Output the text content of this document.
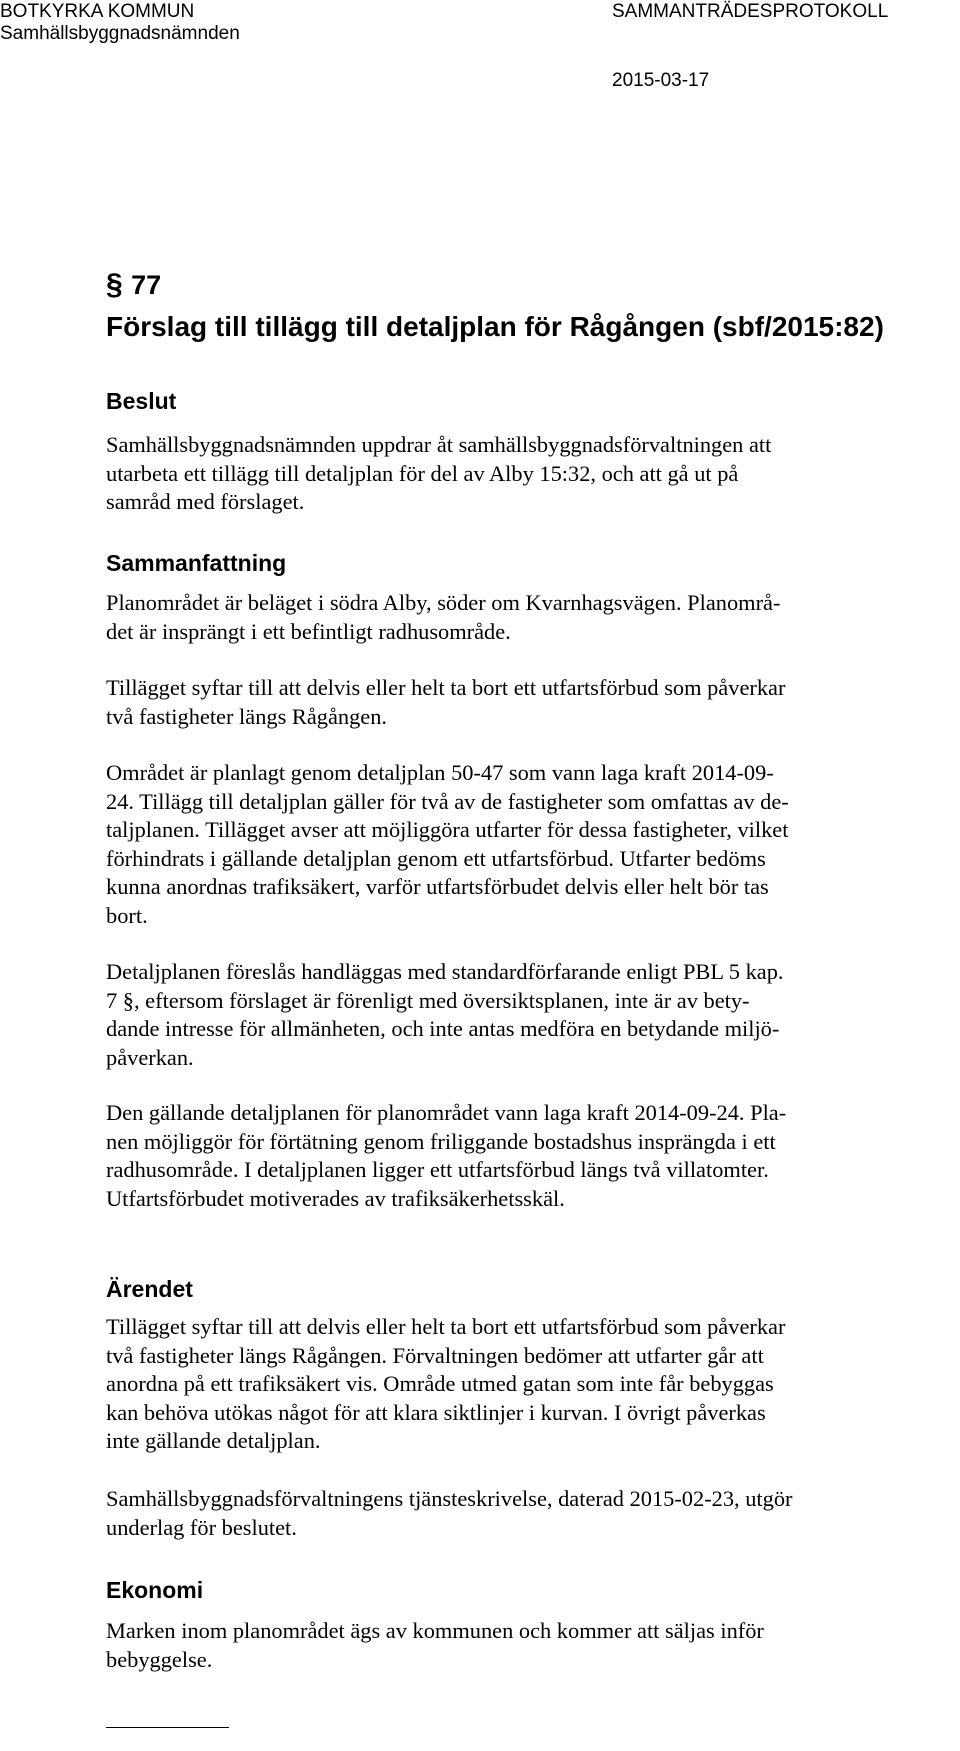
BOTKYRKA KOMMUN
Samhällsbyggnadsnämnden
SAMMANTRÄDESPROTOKOLL
2015-03-17
§ 77
Förslag till tillägg till detaljplan för Rågången (sbf/2015:82)
Beslut
Samhällsbyggnadsnämnden uppdrar åt samhällsbyggnadsförvaltningen att
utarbeta ett tillägg till detaljplan för del av Alby 15:32, och att gå ut på
samråd med förslaget.
Sammanfattning
Planområdet är beläget i södra Alby, söder om Kvarnhagsvägen. Planområ-
det är insprängt i ett befintligt radhusområde.
Tillägget syftar till att delvis eller helt ta bort ett utfartsförbud som påverkar
två fastigheter längs Rågången.
Området är planlagt genom detaljplan 50-47 som vann laga kraft 2014-09-
24. Tillägg till detaljplan gäller för två av de fastigheter som omfattas av de-
taljplanen. Tillägget avser att möjliggöra utfarter för dessa fastigheter, vilket
förhindrats i gällande detaljplan genom ett utfartsförbud. Utfarter bedöms
kunna anordnas trafiksäkert, varför utfartsförbudet delvis eller helt bör tas
bort.
Detaljplanen föreslås handläggas med standardförfarande enligt PBL 5 kap.
7 §, eftersom förslaget är förenligt med översiktsplanen, inte är av bety-
dande intresse för allmänheten, och inte antas medföra en betydande miljö-
påverkan.
Den gällande detaljplanen för planområdet vann laga kraft 2014-09-24. Pla-
nen möjliggör för förtätning genom friliggande bostadshus insprängda i ett
radhusområde. I detaljplanen ligger ett utfartsförbud längs två villatomter.
Utfartsförbudet motiverades av trafiksäkerhetsskäl.
Ärendet
Tillägget syftar till att delvis eller helt ta bort ett utfartsförbud som påverkar
två fastigheter längs Rågången. Förvaltningen bedömer att utfarter går att
anordna på ett trafiksäkert vis. Område utmed gatan som inte får bebyggas
kan behöva utökas något för att klara siktlinjer i kurvan. I övrigt påverkas
inte gällande detaljplan.
Samhällsbyggnadsförvaltningens tjänsteskrivelse, daterad 2015-02-23, utgör
underlag för beslutet.
Ekonomi
Marken inom planområdet ägs av kommunen och kommer att säljas inför
bebyggelse.
